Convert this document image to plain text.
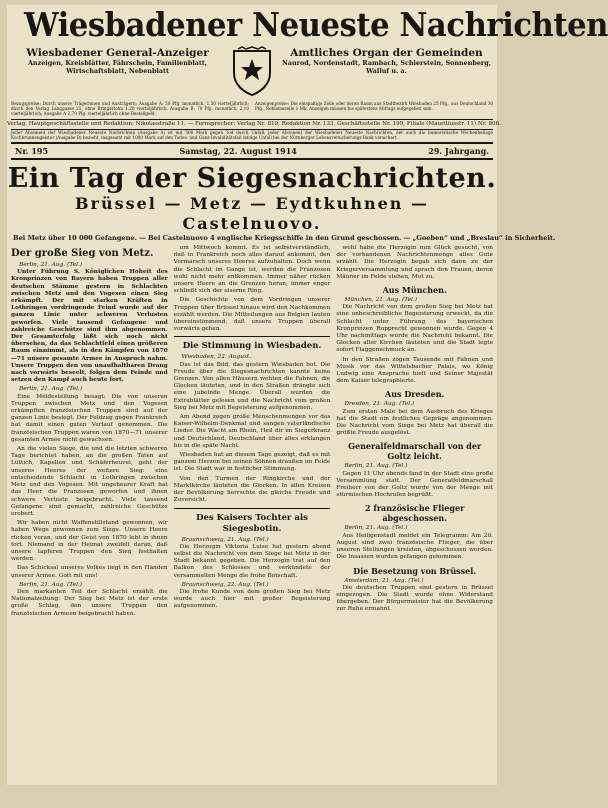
Wiesbadener Neueste Nachrichten
Wiesbadener General-Anzeiger
Anzeigen, Kreisblätter, Fährschein, Familienblatt, Wirtschaftsblatt, Nebenblatt
Amtliches Organ der Gemeinden
Naurod, Nordenstadt, Rambach, Schierstein, Sonnenberg, Walluf u. a.
Bezugspreise: Durch unsere Trägerinnen und Austrägern: Ausgabe A: 50 Pfg. monatlich, 1.50 vierteljährlich; durch den Verlag Langgasse 21, ohne Bringerlohn 1.20 vierteljährlich. Ausgabe B: 70 Pfg. monatlich, 2.10 vierteljährlich; Ausgabe A 2.70 Pfg. vierteljährlich ohne Bestellgeld.
Anzeigenpreise: Die einspaltige Zeile oder deren Raum aus Stadtbezirk Wiesbaden 25 Pfg., aus Deutschland 30 Pfg., Reklamezeile 1 Mk. Anzeigen müssen bis spätestens Mittags aufgegeben sein.
Verlag, Hauptgeschäftsstelle und Redaktion: Nikolasstraße 11. — Fernsprecher: Verlag Nr. 819, Redaktion Nr. 133, Geschäftsstelle Nr. 199, Filiale (Mauritiusstr. 11) Nr. 806.
Jeder Abonnent der Wiesbadener Neueste Nachrichten (Ausgabe A) ist mit 500 Mark gegen Tod durch Unfall, jeder Abonnent der Wiesbadener Neueste Nachrichten, der auch die humoristische Wochenbeilage Kochbrunnengeister (Ausgabe B) bezieht, insgesamt mit 1000 Mark auf den Todes- und Ganz-Invaliditätsfall infolge Unfall bei der Nürnberger Lebensversicherungs-Bank versichert.
Nr. 195	Samstag, 22. August 1914	29. Jahrgang.
Ein Tag der Siegesnachrichten.
Brüssel — Metz — Eydtkuhnen — Castelnuovo.
Bei Metz über 10 000 Gefangene. — Bei Castelnuovo 4 englische Kriegsschiffe in den Grund geschossen. — „Goeben“ und „Breslau“ in Sicherheit.
Der große Sieg von Metz.
Berlin, 21. Aug. (Tel.)

Unter Führung S. Königlichen Hoheit des Kronprinzen von Bayern haben Truppen aller deutschen Stämme gestern in Schlachten zwischen Metz und den Vogesen einen Sieg erkämpft. Der mit starken Kräften in Lothringen vordringende Feind wurde auf der ganzen Linie unter schweren Verlusten geworfen. Viele tausend Gefangene und zahlreiche Geschütze sind ihm abgenommen. Der Gesamterfolg läßt sich noch nicht übersehen, da das Schlachtfeld einen größeren Raum einnimmt, als in den Kämpfen von 1870—71 unsere gesamte Armee in Anspruch nahm. Unsere Truppen den von unaufhaltbaren Drang nach vorwärts beseelt, folgen dem Feinde und setzen den Kampf auch heute fort.

Berlin, 21. Aug. (Tel.)

Eine Meldestellung besagt: Die von unseren Truppen zwischen Metz und den Vogesen erkämpften französischen Truppen sind auf der ganzen Linie besiegt. Der Feldzug gegen Frankreich hat damit einen guten Verlauf genommen. Die französischen Truppen waren von 1870—71 unserer gesamten Armee nicht gewachsen.

An die vielen Siege, die und die letzten schweren Tage berichtet haben, an die großen Taten auf Lüttich, Kapellen und Schäferheuvel, geht der unseres Heeres der weitere Sieg: eine entscheidende Schlacht in Lothringen zwischen Metz und den Vogesen. Mit ungeheurer Kraft hat das Heer die Franzosen geworfen und ihnen schwere Verluste beigebracht. Viele tausend Gefangene sind gemacht, zahlreiche Geschütze erobert.

Wir haben nicht Waffenstillstand gewonnen, wir haben Wege gewonnen zum Siege. Unsere Heere rücken voran, und der Geist von 1870 lebt in ihnen fort. Niemand in der Heimat zweifelt daran, daß unsere tapferen Truppen den Sieg festhalten werden.

Das Schicksal unseres Volkes liegt in den Händen unserer Armee. Gott mit uns!

Berlin, 21. Aug. (Tel.)

Den markanten Teil der Schlacht erzählt die Nationalzeitung: Der Sieg bei Metz ist der erste große Schlag, den unsere Truppen den französischen Armeen beigebracht haben.

um Mittwoch kommt. Es ist selbstverständlich, daß in Frankreich noch alles darauf ankommt, den Vormarsch unseres Heeres aufzuhalten. Doch wenn die Schlacht im Gange ist, werden die Franzosen wohl nicht mehr entkommen. Immer näher rücken unsere Heere an die Grenzen heran, immer enger schließt sich der eiserne Ring.

Die Geschichte von dem Vordringen unserer Truppen über Brüssel hinaus wird den Nachkommen erzählt werden. Die Mitteilungen aus Belgien lauten übereinstimmend, daß unsere Truppen überall vorwärts gehen.

Die Stimmung in Wiesbaden.
Wiesbaden, 22. August.

Das ist das Bild, das gestern Wiesbaden bot. Die Freude über die Siegesnachrichten kannte keine Grenzen. Von allen Häusern wehten die Fahnen, die Glocken läuteten, und in den Straßen drängte sich eine jubelnde Menge. Überall wurden die Extrablätter gelesen und die Nachricht vom großen Sieg bei Metz mit Begeisterung aufgenommen.

Am Abend zogen große Menschenmengen vor das Kaiser-Wilhelm-Denkmal und sangen vaterländische Lieder. Die Wacht am Rhein, Heil dir im Siegerkranz und Deutschland, Deutschland über alles erklangen bis in die späte Nacht.

Wiesbaden hat an diesem Tage gezeigt, daß es mit ganzem Herzen bei seinen Söhnen draußen im Felde ist. Die Stadt war in festlicher Stimmung.

Von den Turmen der Ringkirche und der Marktkirche läuteten die Glocken. In allen Kreisen der Bevölkerung herrschte die gleiche Freude und Zuversicht.

Des Kaisers Tochter als Siegesbotin.
Braunschweig, 21. Aug. (Tel.)

Die Herzogin Viktoria Luise hat gestern abend selbst die Nachricht von dem Siege bei Metz in der Stadt bekannt gegeben. Die Herzogin trat auf den Balkon des Schlosses und verkündete der versammelten Menge die frohe Botschaft.

Braunschweig, 22. Aug. (Tel.)

Die frohe Kunde von dem großen Sieg bei Metz wurde auch hier mit großer Begeisterung aufgenommen.

wohl habe die Herzogin nun Glück gesucht, von der vorhandenen Nachrichtenmenge alles Gute erzählt. Die Herzogin begab sich dann zu der Kriegerversammlung und sprach den Frauen, deren Männer im Felde stehen, Mut zu.

Aus München.
München, 21. Aug. (Tel.)

Die Nachricht von dem großen Sieg bei Metz hat eine unbeschreibliche Begeisterung erweckt, da die Schlacht unter Führung des bayerischen Kronprinzen Rupprecht gewonnen wurde. Gegen 4 Uhr nachmittags wurde die Nachricht bekannt. Die Glocken aller Kirchen läuteten und die Stadt legte sofort Flaggenschmuck an.

In den Straßen zogen Tausende mit Fahnen und Musik vor das Wittelsbacher Palais, wo König Ludwig eine Ansprache hielt und Seiner Majestät dem Kaiser telegraphierte.

Aus Dresden.
Dresden, 21. Aug. (Tel.)

Zum ersten Male bei dem Ausbruch des Krieges hat die Stadt ein festliches Gepräge angenommen. Die Nachricht vom Siege bei Metz hat überall die größte Freude ausgelöst.

Generalfeldmarschall von der Goltz leicht.
Berlin, 21. Aug. (Tel.)

Gegen 11 Uhr abends fand in der Stadt eine große Versammlung statt. Der Generalfeldmarschall Freiherr von der Goltz wurde von der Menge mit stürmischen Hochrufen begrüßt.

2 französische Flieger abgeschossen.
Berlin, 21. Aug. (Tel.)

Aus Heiligenstadt meldet ein Telegramm: Am 20. August sind zwei französische Flieger, die über unseren Stellungen kreisten, abgeschossen worden. Die Insassen wurden gefangen genommen.

Die Besetzung von Brüssel.
Amsterdam, 21. Aug. (Tel.)

Die deutschen Truppen sind gestern in Brüssel eingezogen. Die Stadt wurde ohne Widerstand übergeben. Der Bürgermeister hat die Bevölkerung zur Ruhe ermahnt.
